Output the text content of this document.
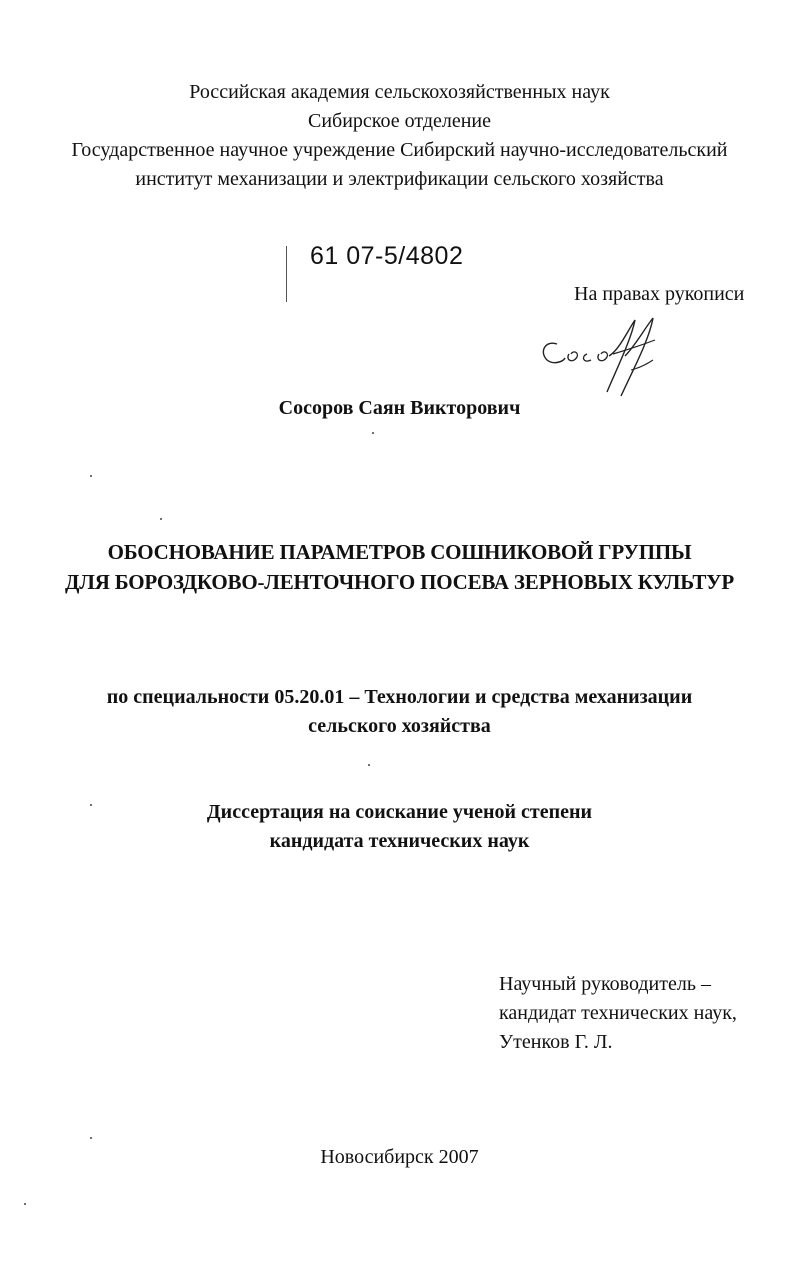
Российская академия сельскохозяйственных наук
Сибирское отделение
Государственное научное учреждение Сибирский научно-исследовательский
институт механизации и электрификации сельского хозяйства
61 07-5/4802
На правах рукописи
Сосоров Саян Викторович
ОБОСНОВАНИЕ ПАРАМЕТРОВ СОШНИКОВОЙ ГРУППЫ
ДЛЯ БОРОЗДКОВО-ЛЕНТОЧНОГО ПОСЕВА ЗЕРНОВЫХ КУЛЬТУР
по специальности 05.20.01 – Технологии и средства механизации
сельского хозяйства
Диссертация на соискание ученой степени
кандидата технических наук
Научный руководитель –
кандидат технических наук,
Утенков Г. Л.
Новосибирск 2007
